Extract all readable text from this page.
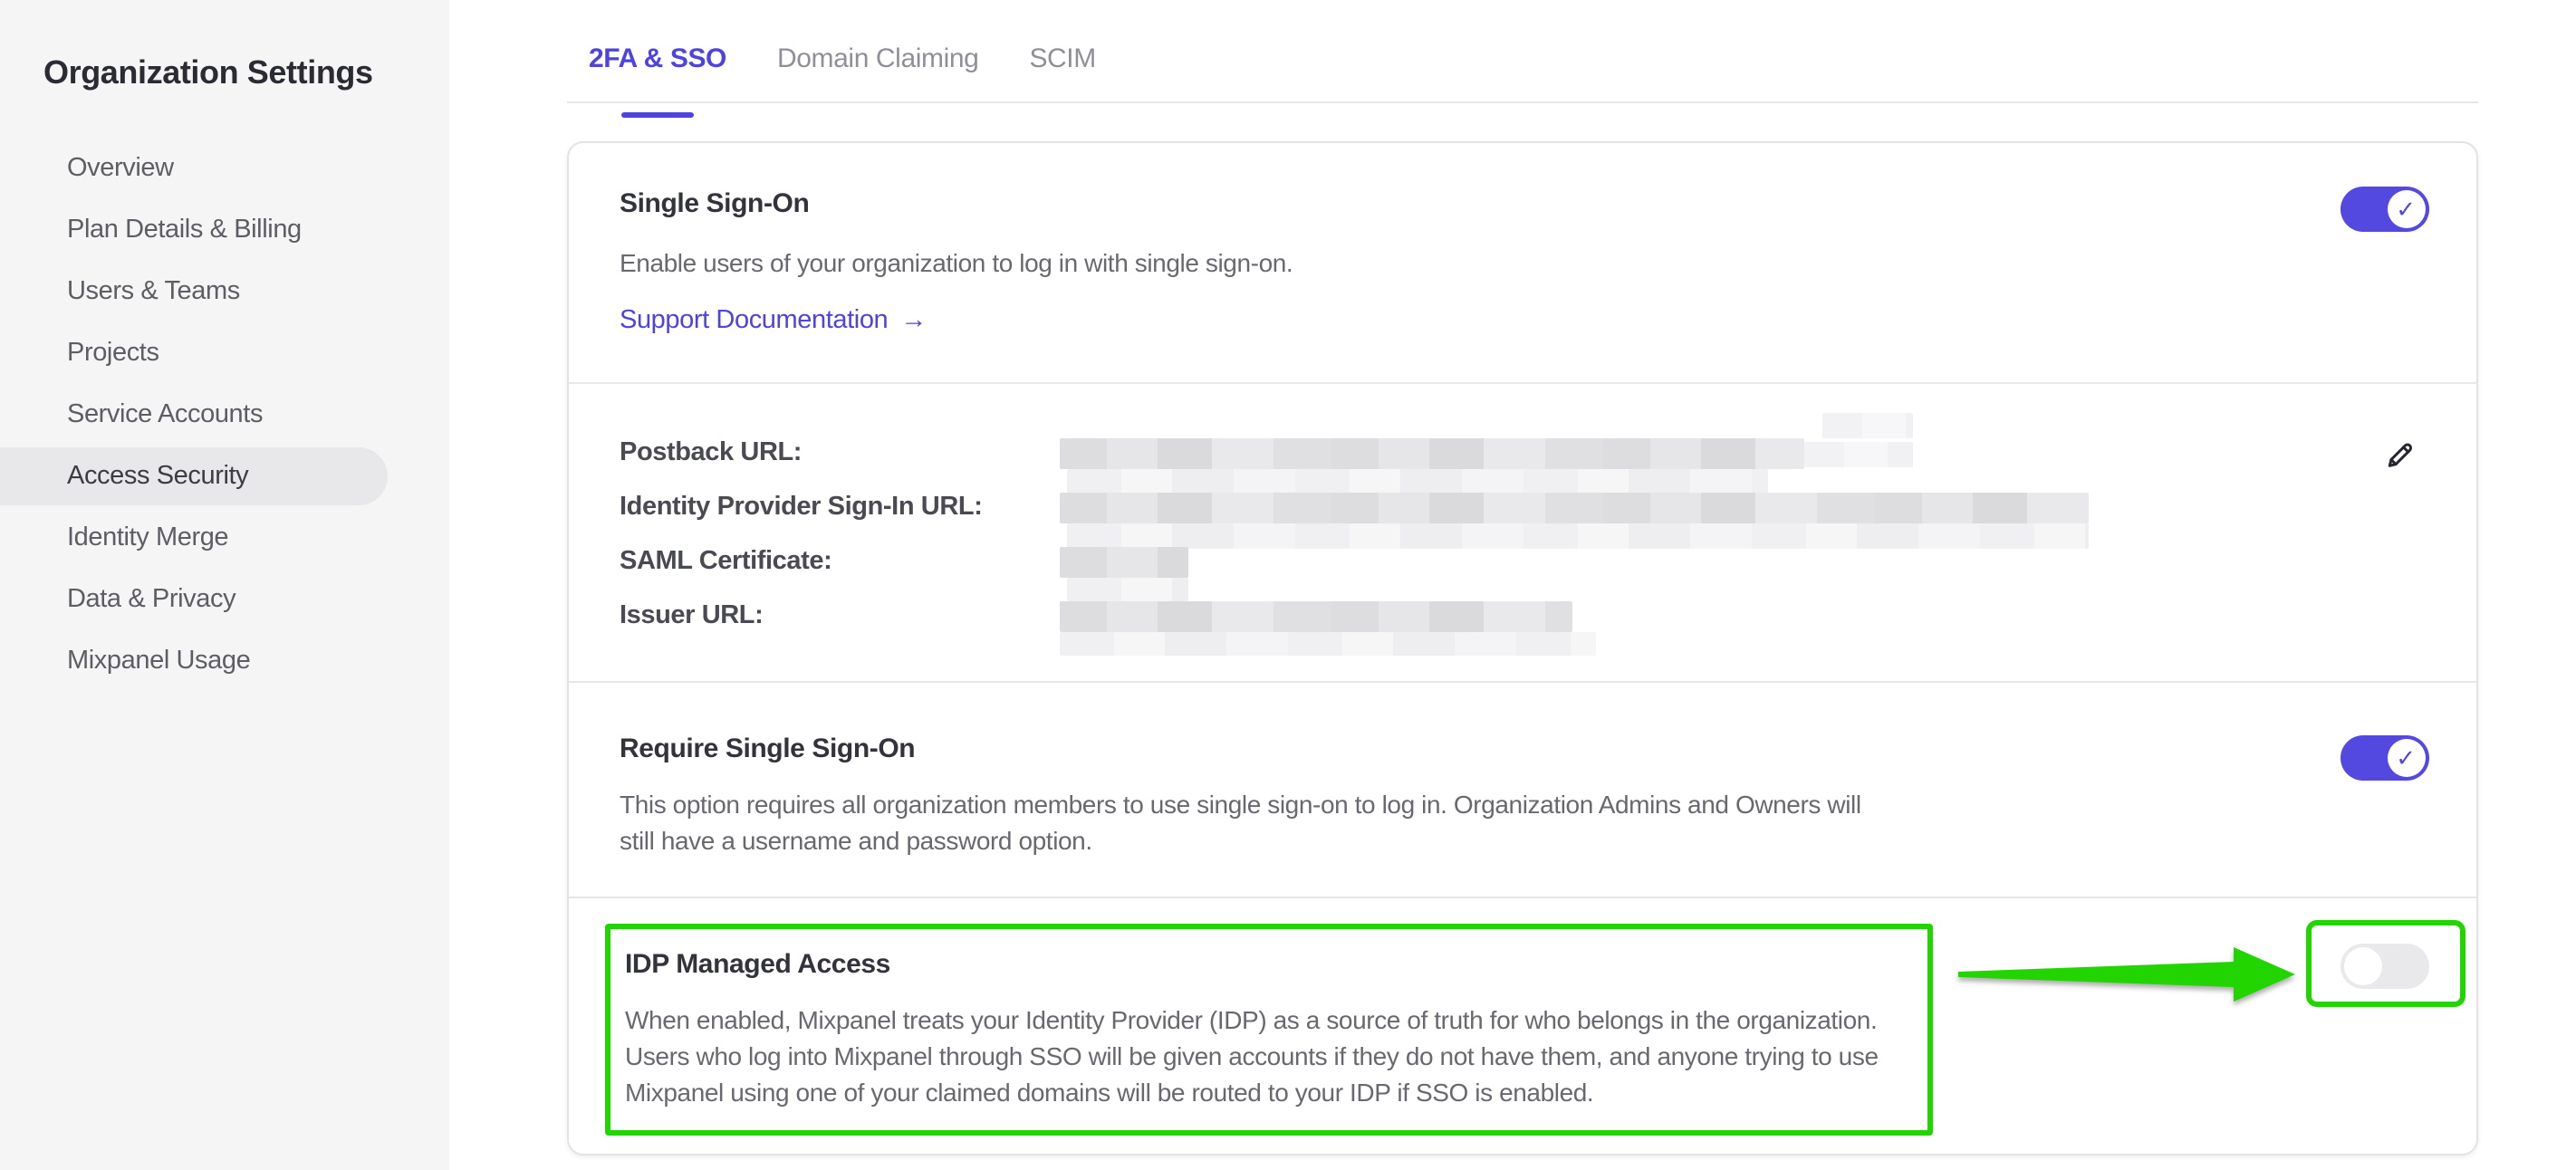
Organization Settings
Overview
Plan Details & Billing
Users & Teams
Projects
Service Accounts
Access Security
Identity Merge
Data & Privacy
Mixpanel Usage
2FA & SSO	Domain Claiming	SCIM
Single Sign-On
Enable users of your organization to log in with single sign-on.
Support Documentation →
✓
Postback URL:
Identity Provider Sign-In URL:
SAML Certificate:
Issuer URL:
Require Single Sign-On
This option requires all organization members to use single sign-on to log in. Organization Admins and Owners will
still have a username and password option.
✓
IDP Managed Access
When enabled, Mixpanel treats your Identity Provider (IDP) as a source of truth for who belongs in the organization.
Users who log into Mixpanel through SSO will be given accounts if they do not have them, and anyone trying to use
Mixpanel using one of your claimed domains will be routed to your IDP if SSO is enabled.
